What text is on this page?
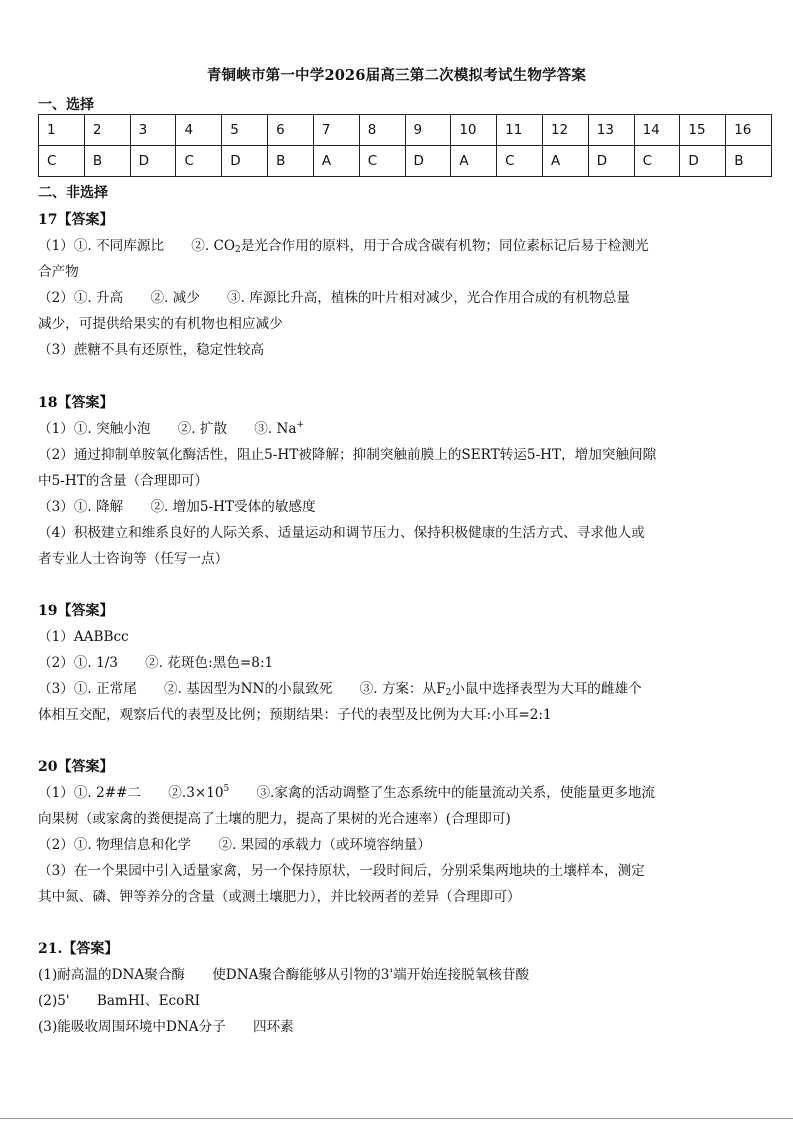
青铜峡市第一中学2026届高三第二次模拟考试生物学答案
一、选择
1	2	3	4	5	6	7	8	9	10	11	12	13	14	15	16
C	B	D	C	D	B	A	C	D	A	C	A	D	C	D	B
二、非选择
17【答案】
（1）①. 不同库源比　　②. $CO_2$是光合作用的原料，用于合成含碳有机物；同位素标记后易于检测光
合产物
（2）①. 升高　　②. 减少　　③. 库源比升高，植株的叶片相对减少，光合作用合成的有机物总量
减少，可提供给果实的有机物也相应减少
（3）蔗糖不具有还原性，稳定性较高
18【答案】
（1）①. 突触小泡　　②. 扩散　　③. Na+
（2）通过抑制单胺氧化酶活性，阻止5-HT被降解；抑制突触前膜上的SERT转运5-HT，增加突触间隙
中5-HT的含量（合理即可）
（3）①. 降解　　②. 增加5-HT受体的敏感度
（4）积极建立和维系良好的人际关系、适量运动和调节压力、保持积极健康的生活方式、寻求他人或
者专业人士咨询等（任写一点）
19【答案】
（1）AABBcc
（2）①. 1/3　　②. 花斑色:黑色=8:1
（3）①. 正常尾　　②. 基因型为NN的小鼠致死　　③. 方案：从$F_2$小鼠中选择表型为大耳的雌雄个
体相互交配，观察后代的表型及比例；预期结果：子代的表型及比例为大耳:小耳=2:1
20【答案】
（1）①. 2##二　　$②.3\times 10^5$　　③.家禽的活动调整了生态系统中的能量流动关系，使能量更多地流
向果树（或家禽的粪便提高了土壤的肥力，提高了果树的光合速率）(合理即可)
（2）①. 物理信息和化学　　②. 果园的承载力（或环境容纳量）
（3）在一个果园中引入适量家禽，另一个保持原状，一段时间后，分别采集两地块的土壤样本，测定
其中氮、磷、钾等养分的含量（或测土壤肥力），并比较两者的差异（合理即可）
21.【答案】
(1)耐高温的DNA聚合酶　　使DNA聚合酶能够从引物的3'端开始连接脱氧核苷酸
(2)5'　　BamHI、EcoRI
(3)能吸收周围环境中DNA分子　　四环素
